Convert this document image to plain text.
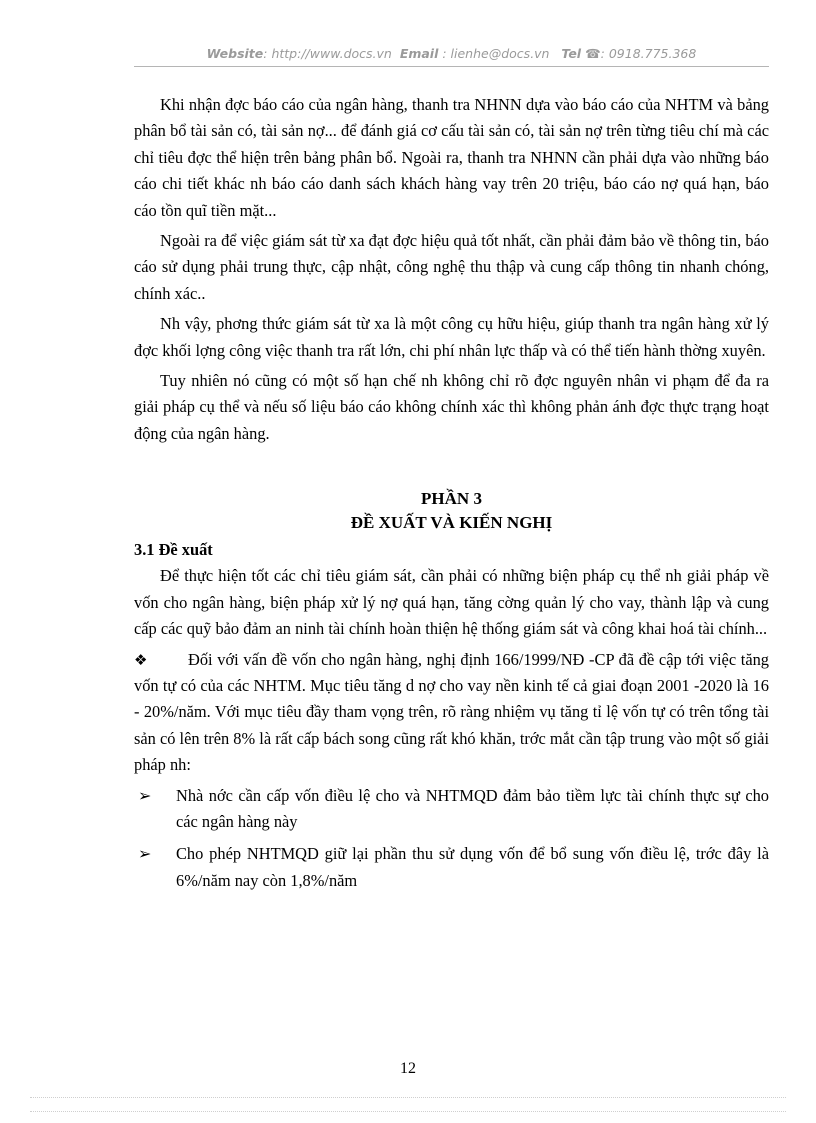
Website: http://www.docs.vn Email : lienhe@docs.vn Tel ☎: 0918.775.368

Khi nhận đợc báo cáo của ngân hàng, thanh tra NHNN dựa vào báo cáo của NHTM và bảng phân bổ tài sản có, tài sản nợ... để đánh giá cơ cấu tài sản có, tài sản nợ trên từng tiêu chí mà các chỉ tiêu đợc thể hiện trên bảng phân bổ. Ngoài ra, thanh tra NHNN cần phải dựa vào những báo cáo chi tiết khác nh báo cáo danh sách khách hàng vay trên 20 triệu, báo cáo nợ quá hạn, báo cáo tồn quĩ tiền mặt...

Ngoài ra để việc giám sát từ xa đạt đợc hiệu quả tốt nhất, cần phải đảm bảo về thông tin, báo cáo sử dụng phải trung thực, cập nhật, công nghệ thu thập và cung cấp thông tin nhanh chóng, chính xác..

Nh vậy, phơng thức giám sát từ xa là một công cụ hữu hiệu, giúp thanh tra ngân hàng xử lý đợc khối lợng công việc thanh tra rất lớn, chi phí nhân lực thấp và có thể tiến hành thờng xuyên.

Tuy nhiên nó cũng có một số hạn chế nh không chỉ rõ đợc nguyên nhân vi phạm để đa ra giải pháp cụ thể và nếu số liệu báo cáo không chính xác thì không phản ánh đợc thực trạng hoạt động của ngân hàng.

PHẦN 3

ĐỀ XUẤT VÀ KIẾN NGHỊ

3.1 Đề xuất

Để thực hiện tốt các chỉ tiêu giám sát, cần phải có những biện pháp cụ thể nh giải pháp về vốn cho ngân hàng, biện pháp xử lý nợ quá hạn, tăng cờng quản lý cho vay, thành lập và cung cấp các quỹ bảo đảm an ninh tài chính hoàn thiện hệ thống giám sát và công khai hoá tài chính...

❖ Đối với vấn đề vốn cho ngân hàng, nghị định 166/1999/NĐ -CP đã đề cập tới việc tăng vốn tự có của các NHTM. Mục tiêu tăng d nợ cho vay nền kinh tế cả giai đoạn 2001 -2020 là 16 - 20%/năm. Với mục tiêu đầy tham vọng trên, rõ ràng nhiệm vụ tăng tỉ lệ vốn tự có trên tổng tài sản có lên trên 8% là rất cấp bách song cũng rất khó khăn, trớc mắt cần tập trung vào một số giải pháp nh:

➢ Nhà nớc cần cấp vốn điều lệ cho và NHTMQD đảm bảo tiềm lực tài chính thực sự cho các ngân hàng này
➢ Cho phép NHTMQD giữ lại phần thu sử dụng vốn để bổ sung vốn điều lệ, trớc đây là 6%/năm nay còn 1,8%/năm
12
